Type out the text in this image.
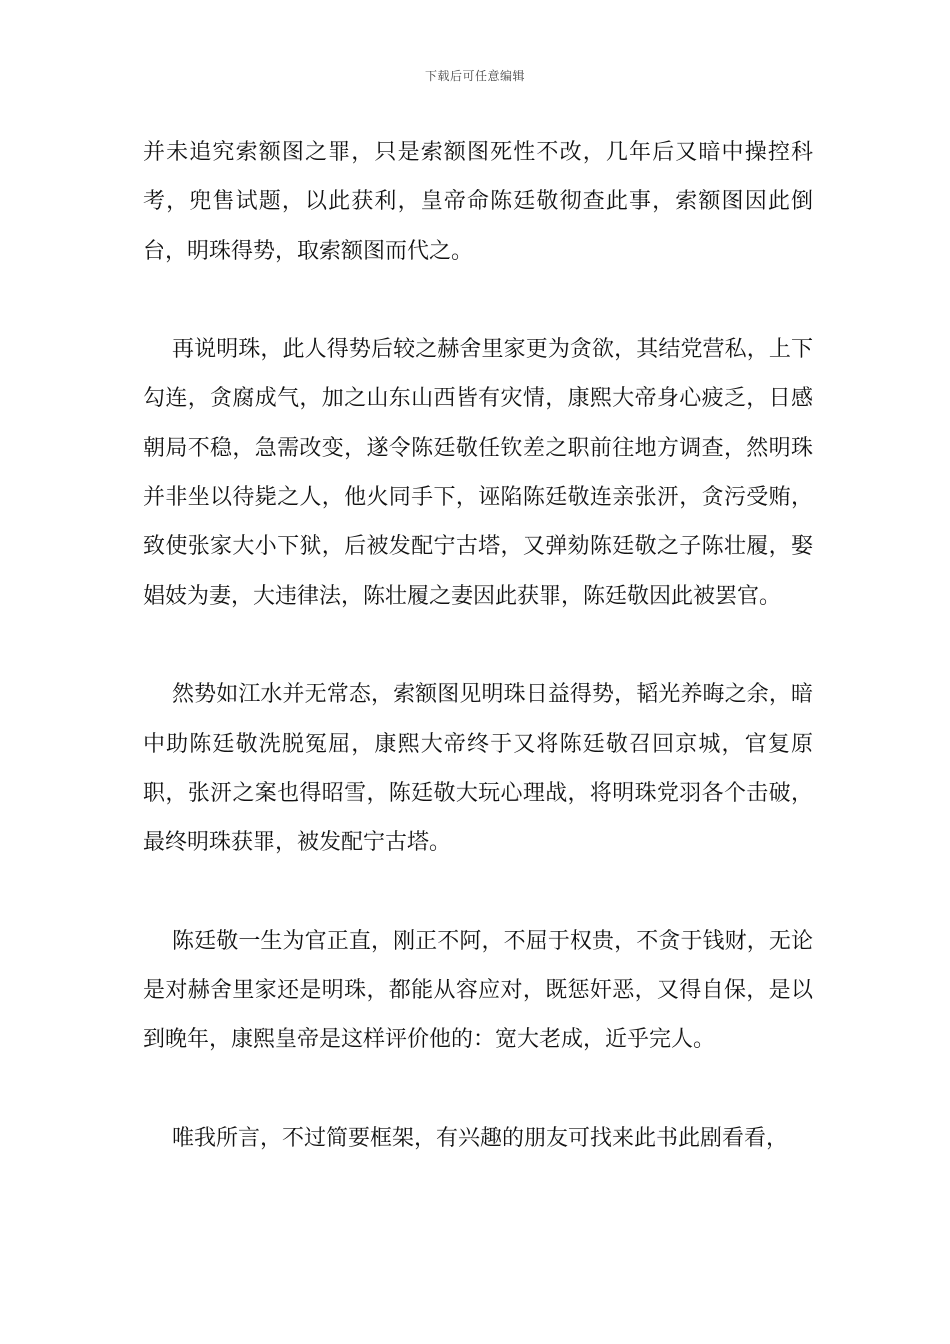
下载后可任意编辑

并未追究索额图之罪，只是索额图死性不改，几年后又暗中操控科考，兜售试题，以此获利，皇帝命陈廷敬彻查此事，索额图因此倒台，明珠得势，取索额图而代之。

再说明珠，此人得势后较之赫舍里家更为贪欲，其结党营私，上下勾连，贪腐成气，加之山东山西皆有灾情，康熙大帝身心疲乏，日感朝局不稳，急需改变，遂令陈廷敬任钦差之职前往地方调查，然明珠并非坐以待毙之人，他火同手下，诬陷陈廷敬连亲张汧，贪污受贿，致使张家大小下狱，后被发配宁古塔，又弹劾陈廷敬之子陈壮履，娶娼妓为妻，大违律法，陈壮履之妻因此获罪，陈廷敬因此被罢官。

然势如江水并无常态，索额图见明珠日益得势，韬光养晦之余，暗中助陈廷敬洗脱冤屈，康熙大帝终于又将陈廷敬召回京城，官复原职，张汧之案也得昭雪，陈廷敬大玩心理战，将明珠党羽各个击破，最终明珠获罪，被发配宁古塔。

陈廷敬一生为官正直，刚正不阿，不屈于权贵，不贪于钱财，无论是对赫舍里家还是明珠，都能从容应对，既惩奸恶，又得自保，是以到晚年，康熙皇帝是这样评价他的：宽大老成，近乎完人。

唯我所言，不过简要框架，有兴趣的朋友可找来此书此剧看看，
